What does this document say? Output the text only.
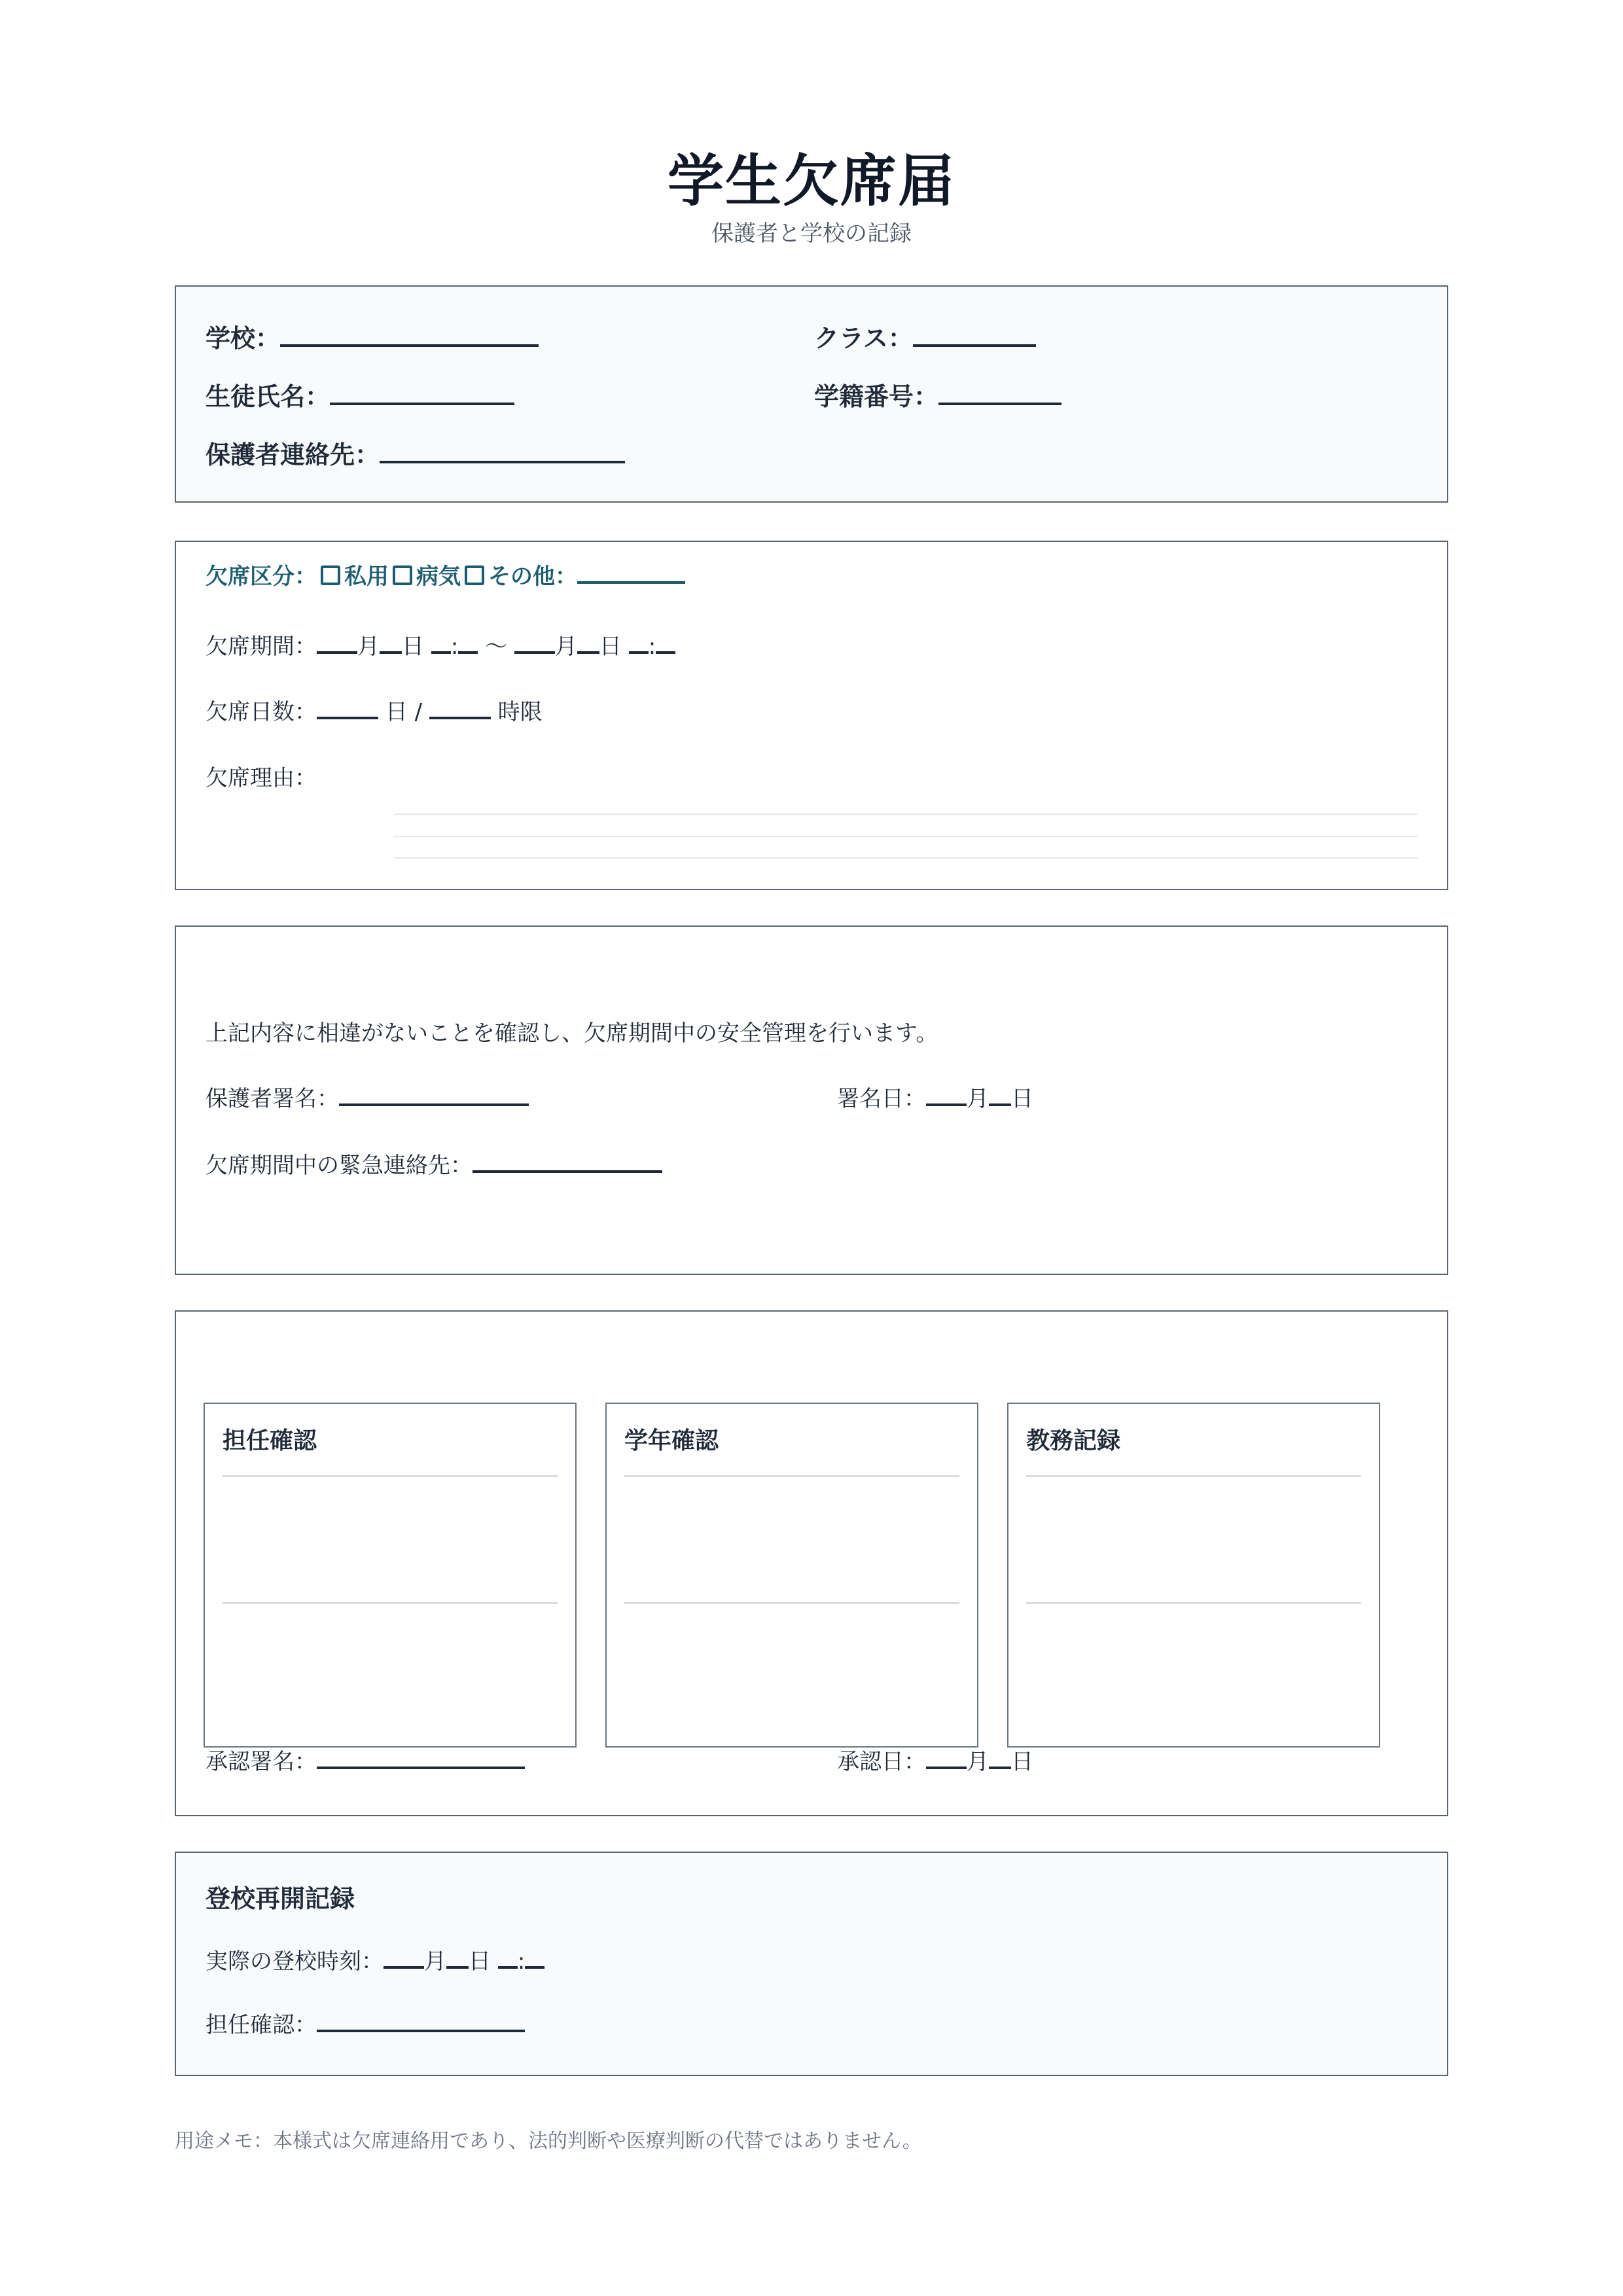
学生欠席届
保護者と学校の記録
学校：	クラス：
生徒氏名：	学籍番号：
保護者連絡先：
欠席区分： 私用 病気 その他：
欠席期間： 月 日 : 〜 月 日 :
欠席日数：	日 /	時限
欠席理由：
上記内容に相違がないことを確認し、欠席期間中の安全管理を行います。
保護者署名：	署名日： 月 日
欠席期間中の緊急連絡先：
担任確認	学年確認	教務記録
承認署名：	承認日： 月 日
登校再開記録
実際の登校時刻： 月 日 :
担任確認：
用途メモ：本様式は欠席連絡用であり、法的判断や医療判断の代替ではありません。
